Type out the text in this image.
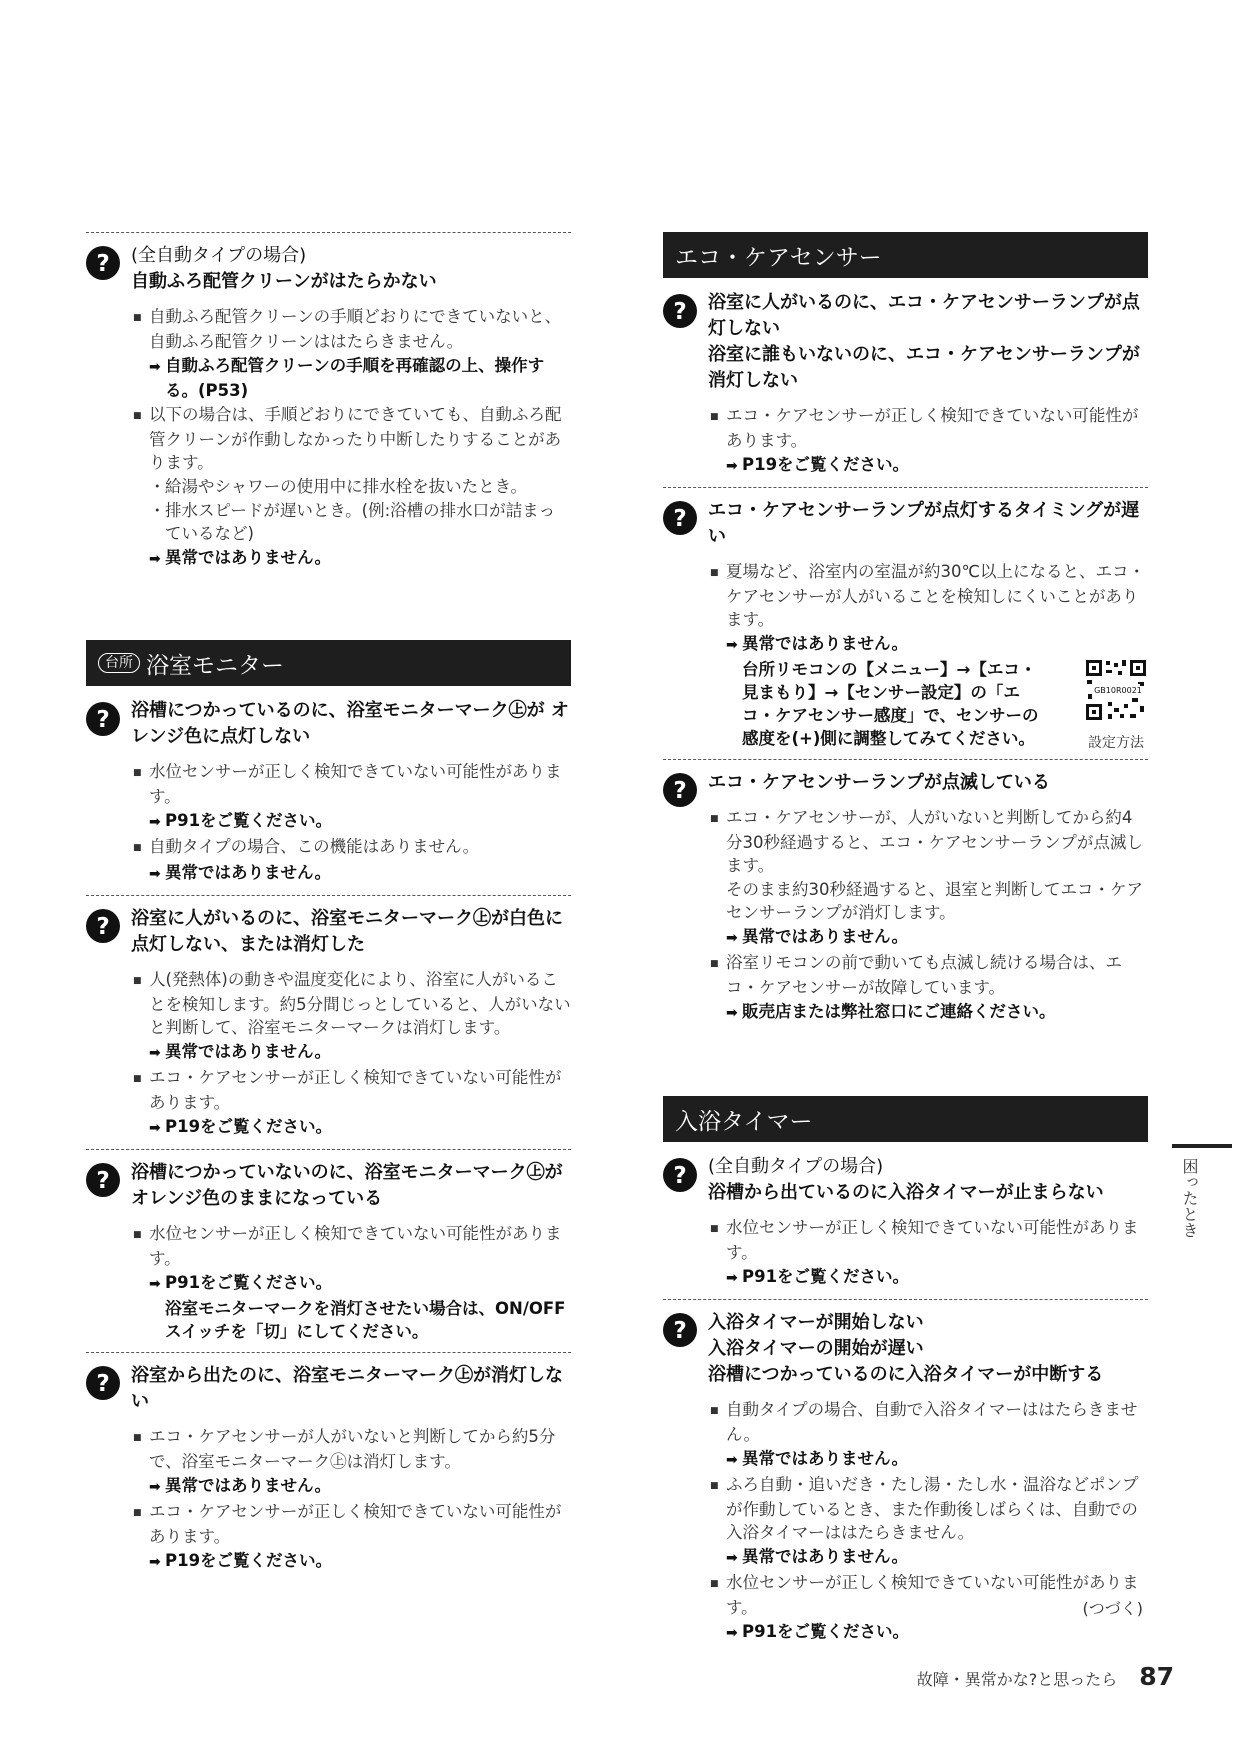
? (全自動タイプの場合)
自動ふろ配管クリーンがはたらかない

■ 自動ふろ配管クリーンの手順どおりにできていないと、自動ふろ配管クリーンははたらきません。

➡ 自動ふろ配管クリーンの手順を再確認の上、操作する。(P53)

■ 以下の場合は、手順どおりにできていても、自動ふろ配管クリーンが作動しなかったり中断したりすることがあります。

・ 給湯やシャワーの使用中に排水栓を抜いたとき。

・ 排水スピードが遅いとき。(例:浴槽の排水口が詰まっているなど)

➡ 異常ではありません。

台所 浴室モニター
? 浴槽につかっているのに、浴室モニターマーク㊤が オレンジ色に点灯しない

■ 水位センサーが正しく検知できていない可能性があります。

➡ P91をご覧ください。

■ 自動タイプの場合、この機能はありません。

➡ 異常ではありません。

? 浴室に人がいるのに、浴室モニターマーク㊤が白色に点灯しない、または消灯した

■ 人(発熱体)の動きや温度変化により、浴室に人がいることを検知します。約5分間じっとしていると、人がいないと判断して、浴室モニターマークは消灯します。

➡ 異常ではありません。

■ エコ・ケアセンサーが正しく検知できていない可能性があります。

➡ P19をご覧ください。

? 浴槽につかっていないのに、浴室モニターマーク㊤がオレンジ色のままになっている

■ 水位センサーが正しく検知できていない可能性があります。

➡ P91をご覧ください。

浴室モニターマークを消灯させたい場合は、ON/OFFスイッチを「切」にしてください。

? 浴室から出たのに、浴室モニターマーク㊤が消灯しない

■ エコ・ケアセンサーが人がいないと判断してから約5分で、浴室モニターマーク㊤は消灯します。

➡ 異常ではありません。

■ エコ・ケアセンサーが正しく検知できていない可能性があります。

➡ P19をご覧ください。

エコ・ケアセンサー
? 浴室に人がいるのに、エコ・ケアセンサーランプが点灯しない
浴室に誰もいないのに、エコ・ケアセンサーランプが消灯しない

■ エコ・ケアセンサーが正しく検知できていない可能性があります。

➡ P19をご覧ください。

? エコ・ケアセンサーランプが点灯するタイミングが遅い

■ 夏場など、浴室内の室温が約30℃以上になると、エコ・ケアセンサーが人がいることを検知しにくいことがあります。

➡ 異常ではありません。

台所リモコンの【メニュー】→【エコ・見まもり】→【センサー設定】の「エコ・ケアセンサー感度」で、センサーの感度を(+)側に調整してみてください。

GB10R0021
設定方法
? エコ・ケアセンサーランプが点滅している

■ エコ・ケアセンサーが、人がいないと判断してから約4分30秒経過すると、エコ・ケアセンサーランプが点滅します。

そのまま約30秒経過すると、退室と判断してエコ・ケアセンサーランプが消灯します。

➡ 異常ではありません。

■ 浴室リモコンの前で動いても点滅し続ける場合は、エコ・ケアセンサーが故障しています。

➡ 販売店または弊社窓口にご連絡ください。

入浴タイマー
? (全自動タイプの場合)
浴槽から出ているのに入浴タイマーが止まらない

■ 水位センサーが正しく検知できていない可能性があります。

➡ P91をご覧ください。

? 入浴タイマーが開始しない
入浴タイマーの開始が遅い
浴槽につかっているのに入浴タイマーが中断する

■ 自動タイプの場合、自動で入浴タイマーははたらきません。

➡ 異常ではありません。

■ ふろ自動・追いだき・たし湯・たし水・温浴などポンプが作動しているとき、また作動後しばらくは、自動での入浴タイマーははたらきません。

➡ 異常ではありません。

■ 水位センサーが正しく検知できていない可能性があります。

➡ P91をご覧ください。

困ったとき
(つづく)
故障・異常かな?と思ったら 87
